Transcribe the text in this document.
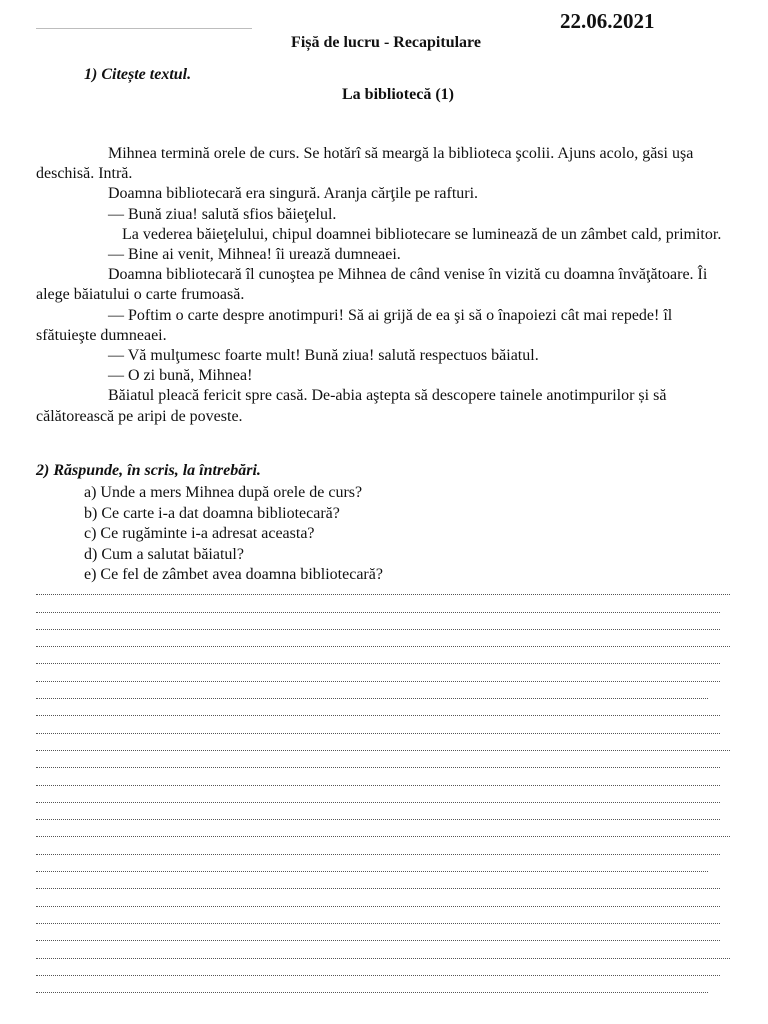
22.06.2021
Fișă de lucru - Recapitulare
1) Citește textul.
La bibliotecă (1)

Mihnea termină orele de curs. Se hotărî să meargă la biblioteca şcolii. Ajuns acolo, găsi uşa deschisă. Intră.

Doamna bibliotecară era singură. Aranja cărţile pe rafturi.

— Bună ziua! salută sfios băieţelul.

La vederea băieţelului, chipul doamnei bibliotecare se luminează de un zâmbet cald, primitor.

— Bine ai venit, Mihnea! îi urează dumneaei.

Doamna bibliotecară îl cunoştea pe Mihnea de când venise în vizită cu doamna învăţătoare. Îi alege băiatului o carte frumoasă.

— Poftim o carte despre anotimpuri! Să ai grijă de ea şi să o înapoiezi cât mai repede! îl sfătuieşte dumneaei.

— Vă mulţumesc foarte mult! Bună ziua! salută respectuos băiatul.

— O zi bună, Mihnea!

Băiatul pleacă fericit spre casă. De-abia aştepta să descopere tainele anotimpurilor și să călătorească pe aripi de poveste.

2) Răspunde, în scris, la întrebări.
a) Unde a mers Mihnea după orele de curs?
b) Ce carte i-a dat doamna bibliotecară?
c) Ce rugăminte i-a adresat aceasta?
d) Cum a salutat băiatul?
e) Ce fel de zâmbet avea doamna bibliotecară?
